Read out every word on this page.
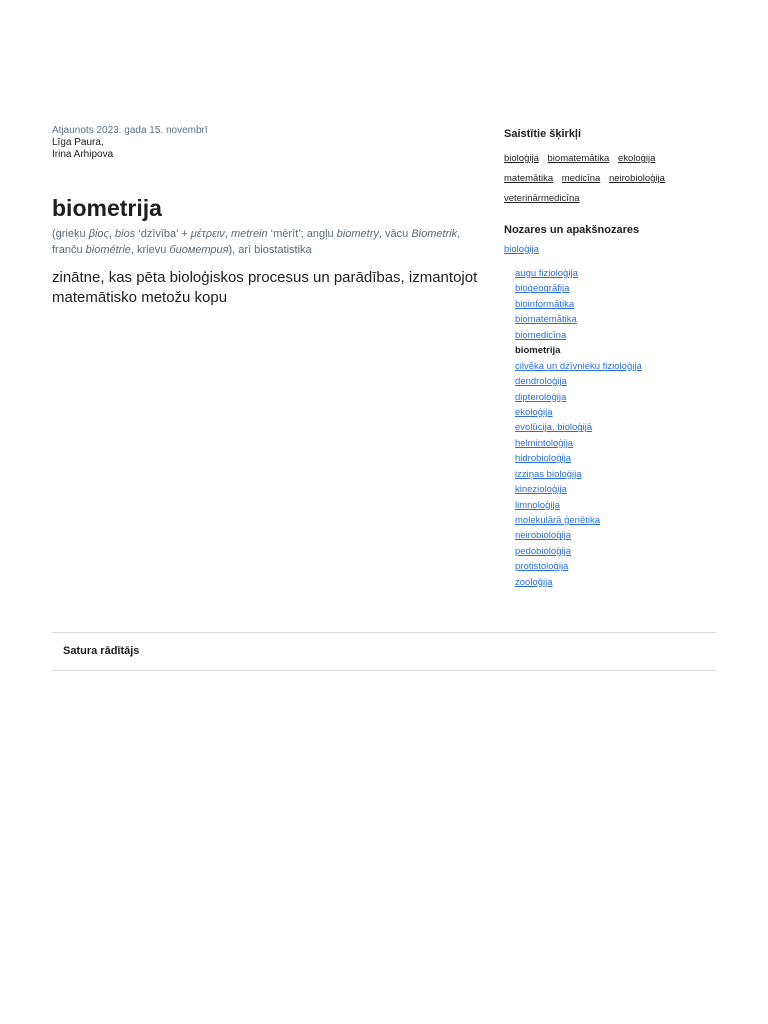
Atjaunots 2023. gada 15. novembrī
Līga Paura,
Irina Arhipova
biometrija
(grieķu βίος, bios ‘dzīvība’ + μέτρειν, metrein ‘mērīt’; angļu biometry, vācu Biometrik, franču biométrie, krievu биометрия), arī biostatistika
zinātne, kas pēta bioloģiskos procesus un parādības, izmantojot matemātisko metožu kopu
Saistītie šķirkļi
bioloģija biomatemātika ekoloģija
matemātika medicīna neirobioloģija
veterinārmedicīna
Nozares un apakšnozares
bioloģija
augu fizioloģija
bioģeogrāfija
bioinformātika
biomatemātika
biomedicīna
biometrija
cilvēka un dzīvnieku fizioloģija
dendroloģija
dipteroloģija
ekoloģija
evolūcija, bioloģijā
helmintoloģija
hidrobioloģija
izziņas bioloģija
kinezioloģija
limnoloģija
molekulārā ģenētika
neirobioloģija
pedobioloģija
protistoloģija
zooloģija
Satura rādītājs
